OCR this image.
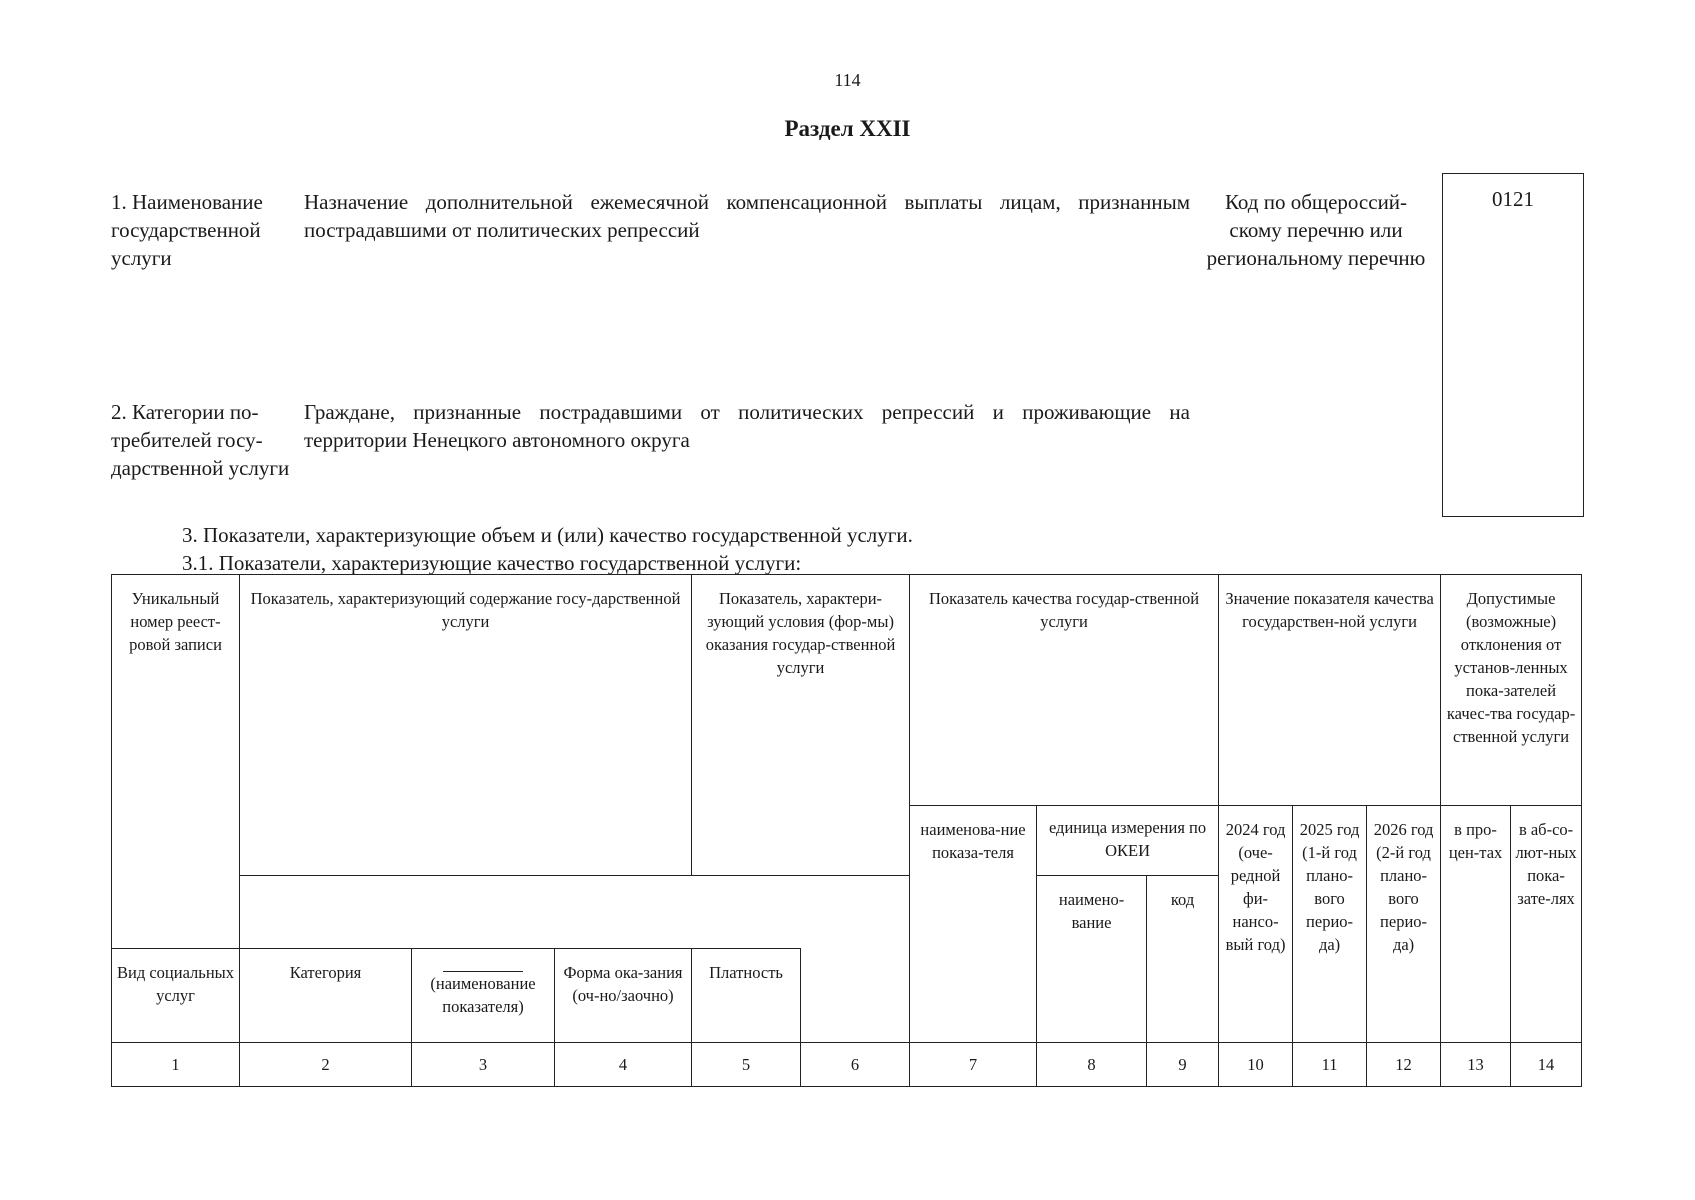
114
Раздел XXII
1. Наименование государственной услуги
Назначение дополнительной ежемесячной компенсационной выплаты лицам, признанным пострадавшими от политических репрессий
Код по общероссий-скому перечню или региональному перечню
0121
2. Категории по-требителей госу-дарственной услуги
Граждане, признанные пострадавшими от политических репрессий и проживающие на территории Ненецкого автономного округа
3. Показатели, характеризующие объем и (или) качество государственной услуги.
3.1. Показатели, характеризующие качество государственной услуги:
Уникальный номер реест-ровой записи	Показатель, характеризующий содержание госу-дарственной услуги			Показатель, характери-зующий условия (фор-мы) оказания государ-ственной услуги		Показатель качества государ-ственной услуги			Значение показателя качества государствен-ной услуги			Допустимые (возможные) отклонения от установ-ленных пока-зателей качес-тва государ-ственной услуги	
						наименова-ние показа-теля	единица измерения по ОКЕИ		2024 год (оче-редной фи-нансо-вый год)	2025 год (1-й год плано-вого перио-да)	2026 год (2-й год плано-вого перио-да)	в про-цен-тах	в аб-со-лют-ных пока-зате-лях
							наимено-вание	код					
Вид социальных услуг	Категория	(наименование показателя)	Форма ока-зания (оч-но/заочно)	Платность									
1	2	3	4	5	6	7	8	9	10	11	12	13	14
